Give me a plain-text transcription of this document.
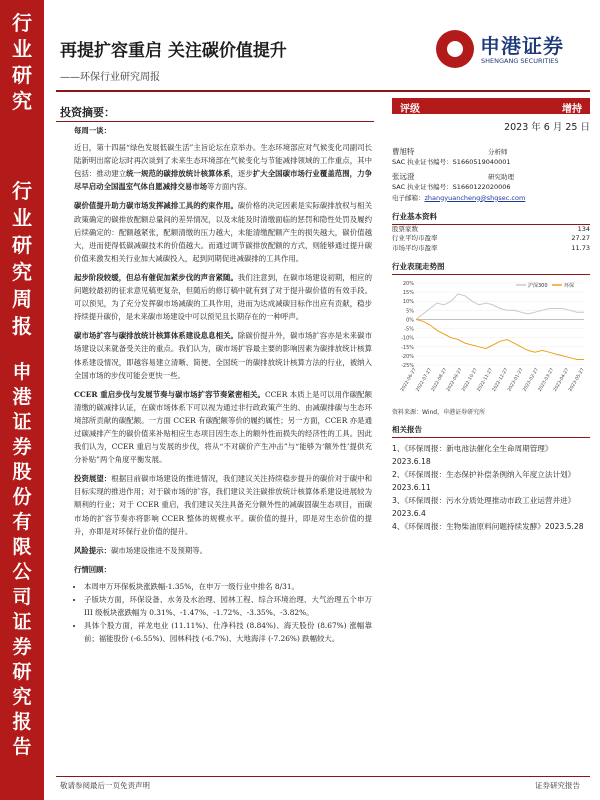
行
业
研
究
行
业
研
究
周
报
申
港
证
券
股
份
有
限
公
司
证
券
研
究
报
告
再提扩容重启 关注碳价值提升
——环保行业研究周报
申港证券
SHENGANG SECURITIES
投资摘要：

每周一谈：

近日，第十四届“绿色发展低碳生活”主旨论坛在京举办。生态环境部应对气候变化司副司长陆新明出席论坛时再次谈到了未来生态环境部在气候变化与节能减排领域的工作重点，其中包括：推动建立统一规范的碳排放统计核算体系，逐步扩大全国碳市场行业覆盖范围，力争尽早启动全国温室气体自愿减排交易市场等方面内容。

碳价值提升助力碳市场发挥减排工具的约束作用。碳价格的决定因素是实际碳排放权与相关政策确定的碳排放配额总量间的差异情况，以及未能及时清缴面临的惩罚和隐性处罚及履约后续确定的：配额越紧张，配额清缴的压力越大，未能清缴配额产生的损失越大，碳价值越大，进而使得低碳减碳技术的价值越大。而通过调节碳排放配额的方式，则能够通过提升碳价值来激发相关行业加大减碳投入，起到同期促进减碳排的工具作用。

起步阶段较缓，但总有催促加紧步伐的声音紧随。我们注意到，在碳市场建设初期，相应的问题较最初的征求意见稿更复杂，但随后的修订稿中就有到了对于提升碳价值的有效手段。可以预见，为了充分发挥碳市场减碳的工具作用，进而为达成减碳目标作出应有贡献，稳步持续提升碳价，是未来碳市场建设中可以预见且长期存在的一种呼声。

碳市场扩容与碳排放统计核算体系建设息息相关。除碳价提升外，碳市场扩容亦是未来碳市场建设以来就备受关注的重点。我们认为，碳市场扩容最主要的影响因素为碳排放统计核算体系建设情况，即越容易建立清晰、简便、全国统一的碳排放统计核算方法的行业，被纳入全国市场的步伐可能会更快一些。

CCER 重启步伐与发展节奏与碳市场扩容节奏紧密相关。CCER 本质上是可以用作碳配额清缴的碳减排认证，在碳市场体系下可以视为通过非行政政策产生的、由减碳排碳与生态环境部所贡献的碳配额。一方面 CCER 有碳配额等价的履约属性；另一方面，CCER 亦是通过碳减排产生的碳价值来补贴相应生态项目因生态上的额外性而损失的经济性的工具。因此我们认为，CCER 重启与发展的步伐，将从“不对碳价产生冲击”与“能够为‘额外性’提供充分补贴”两个角度平衡发展。

投资展望：根据目前碳市场建设的推进情况，我们建议关注持续稳步提升的碳价对于碳中和目标实现的推进作用；对于碳市场的扩容，我们建议关注碳排放统计核算体系建设进展较为顺利的行业；对于 CCER 重启，我们建议关注具备充分额外性的减碳固碳生态项目，而碳市场的扩容节奏亦将影响 CCER 整体的规模水平。碳价值的提升，即是对生态价值的提升，亦即是对环保行业价值的提升。

风险提示：碳市场建设推进不及预期等。

行情回顾：

• 本周申万环保板块涨跌幅-1.35%，在申万一级行业中排名 8/31。
• 子版块方面，环保设备、水务及水治理、园林工程、综合环境治理、大气治理五个申万 III 级板块涨跌幅为 0.31%、-1.47%、-1.72%、-3.35%、-3.82%。
• 具体个股方面，祥龙电业 (11.11%)、仕净科技 (8.84%)、海天股份 (8.67%) 涨幅靠前；福能股份 (-6.55%)、园林科技 (-6.7%)、大地海洋 (-7.26%) 跌幅较大。
评级	增持
2023 年 6 月 25 日
曹旭特	分析师
SAC 执业证书编号：S1660519040001
张远澄	研究助理
SAC 执业证书编号：S1660122020006
电子邮箱：zhangyuancheng@shgsec.com
行业基本资料
股票家数	134
行业平均市盈率	27.27
市场平均市盈率	11.73
行业表现走势图
20%
15%
10%
5%
0%
-5%
-10%
-15%
-20%
-25%
2022-06-27
2022-07-27
2022-08-27
2022-09-27
2022-10-27
2022-11-27
2022-12-27
2023-01-27
2023-02-27
2023-03-27
2023-04-27
2023-05-27
沪深300	环保
资料来源：Wind，申港证券研究所
相关报告
1、《环保周报：新电池法催化全生命周期管理》2023.6.18
2、《环保周报：生态保护补偿条例纳入年度立法计划》2023.6.11
3、《环保周报：污水分质处理推动市政工业运营并进》2023.6.4
4、《环保周报：生物柴油原料问题持续发酵》2023.5.28
敬请参阅最后一页免责声明	证券研究报告
